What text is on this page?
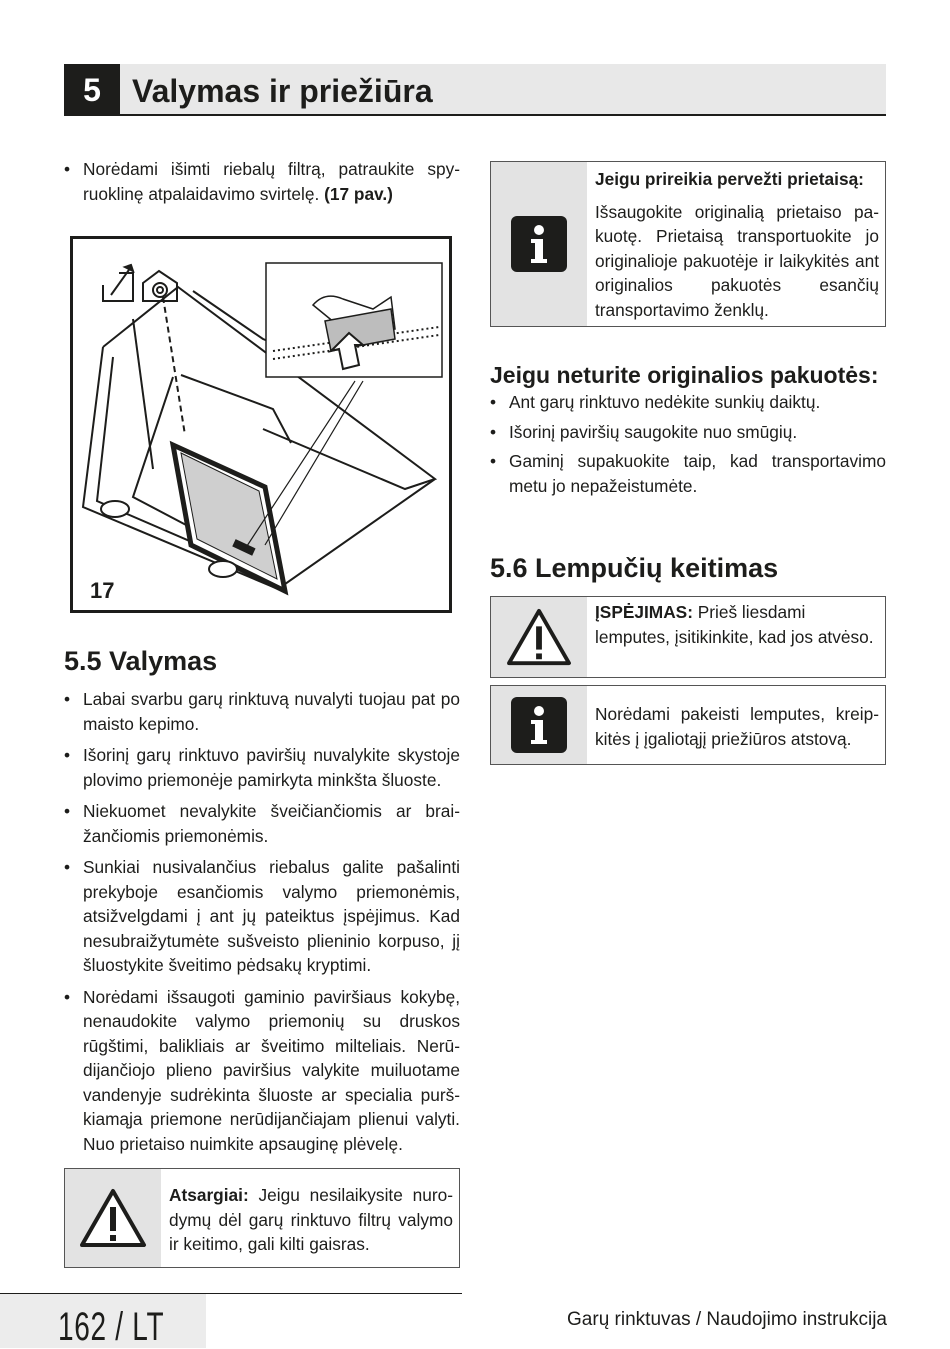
5 Valymas ir priežiūra
• Norėdami išimti riebalų filtrą, patraukite spyruoklinę atpalaidavimo svirtelę. (17 pav.)
17
5.5 Valymas
• Labai svarbu garų rinktuvą nuvalyti tuojau pat po maisto kepimo.
• Išorinį garų rinktuvo paviršių nuvalykite skystoje plovimo priemonėje pamirkyta minkšta šluoste.
• Niekuomet nevalykite šveičiančiomis ar braižančiomis priemonėmis.
• Sunkiai nusivalančius riebalus galite pašalinti prekyboje esančiomis valymo priemonėmis, atsižvelgdami į ant jų pateiktus įspėjimus. Kad nesubraižytumėte sušveisto plieninio korpuso, jį šluostykite šveitimo pėdsakų kryptimi.
• Norėdami išsaugoti gaminio paviršiaus kokybę, nenaudokite valymo priemonių su druskos rūgštimi, balikliais ar šveitimo milteliais. Nerūdijančiojo plieno paviršius valykite muiluotame vandenyje sudrėkinta šluoste ar specialia purškiamąja priemone nerūdijančiajam plienui valyti. Nuo prietaiso nuimkite apsauginę plėvelę.
Atsargiai: Jeigu nesilaikysite nurodymų dėl garų rinktuvo filtrų valymo ir keitimo, gali kilti gaisras.
Jeigu prireikia pervežti prietaisą:
Išsaugokite originalią prietaiso pakuotę. Prietaisą transportuokite jo originalioje pakuotėje ir laikykitės ant originalios pakuotės esančių transportavimo ženklų.
Jeigu neturite originalios pakuotės:
• Ant garų rinktuvo nedėkite sunkių daiktų.
• Išorinį paviršių saugokite nuo smūgių.
• Gaminį supakuokite taip, kad transportavimo metu jo nepažeistumėte.
5.6 Lempučių keitimas
ĮSPĖJIMAS: Prieš liesdami lemputes, įsitikinkite, kad jos atvėso.
Norėdami pakeisti lemputes, kreipkitės į įgaliotąjį priežiūros atstovą.
162 / LT	Garų rinktuvas / Naudojimo instrukcija
